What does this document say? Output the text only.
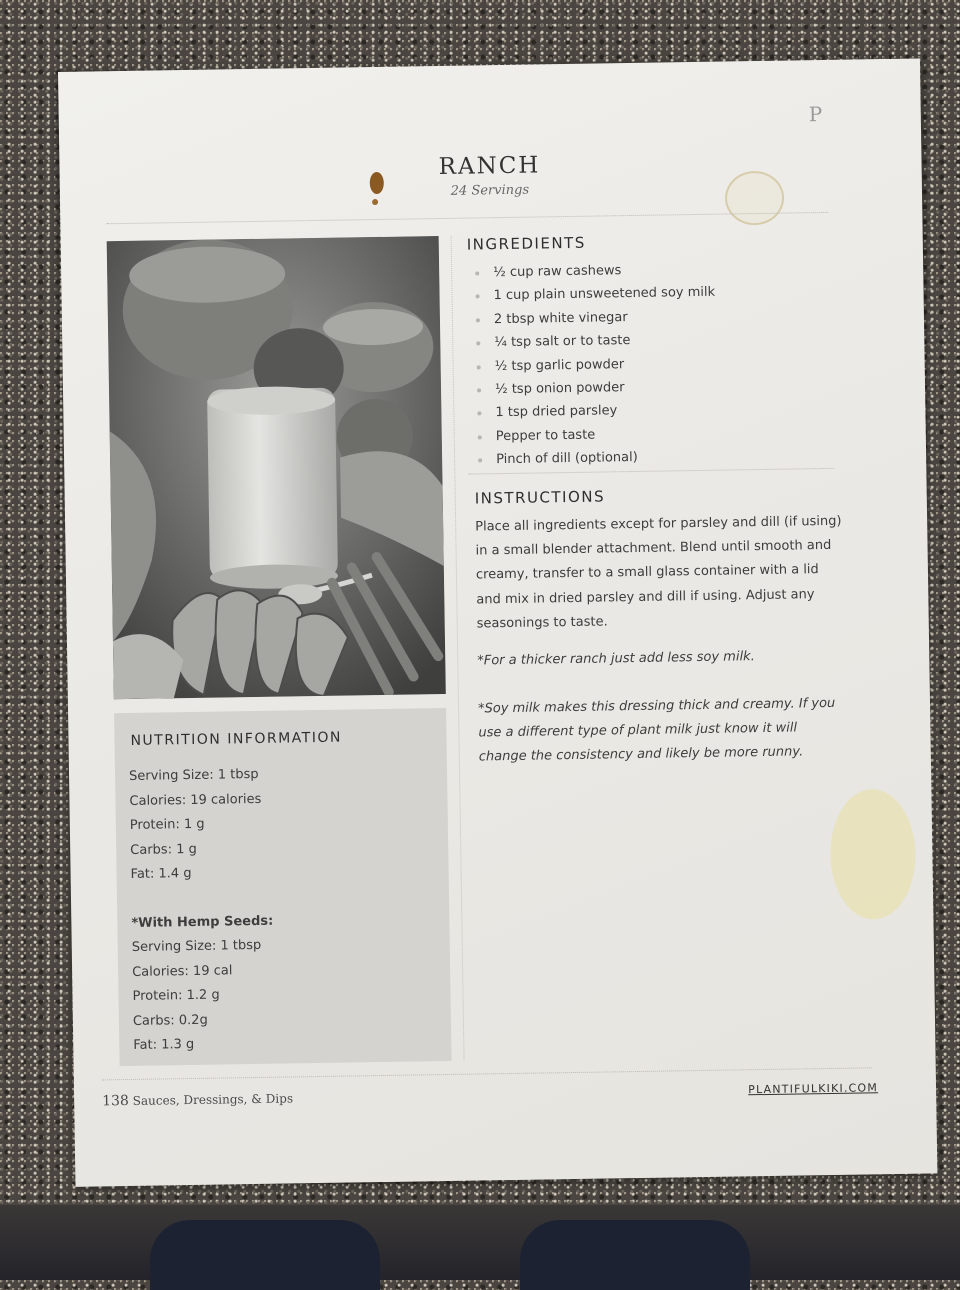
P
RANCH
24 Servings
NUTRITION INFORMATION
Serving Size: 1 tbsp
Calories: 19 calories
Protein: 1 g
Carbs: 1 g
Fat: 1.4 g
*With Hemp Seeds:
Serving Size: 1 tbsp
Calories: 19 cal
Protein: 1.2 g
Carbs: 0.2g
Fat: 1.3 g
INGREDIENTS
½ cup raw cashews
1 cup plain unsweetened soy milk
2 tbsp white vinegar
¼ tsp salt or to taste
½ tsp garlic powder
½ tsp onion powder
1 tsp dried parsley
Pepper to taste
Pinch of dill (optional)
INSTRUCTIONS

Place all ingredients except for parsley and dill (if using) in a small blender attachment. Blend until smooth and creamy, transfer to a small glass container with a lid and mix in dried parsley and dill if using. Adjust any seasonings to taste.

*For a thicker ranch just add less soy milk.

*Soy milk makes this dressing thick and creamy. If you use a different type of plant milk just know it will change the consistency and likely be more runny.

138 Sauces, Dressings, & Dips
PLANTIFULKIKI.COM
